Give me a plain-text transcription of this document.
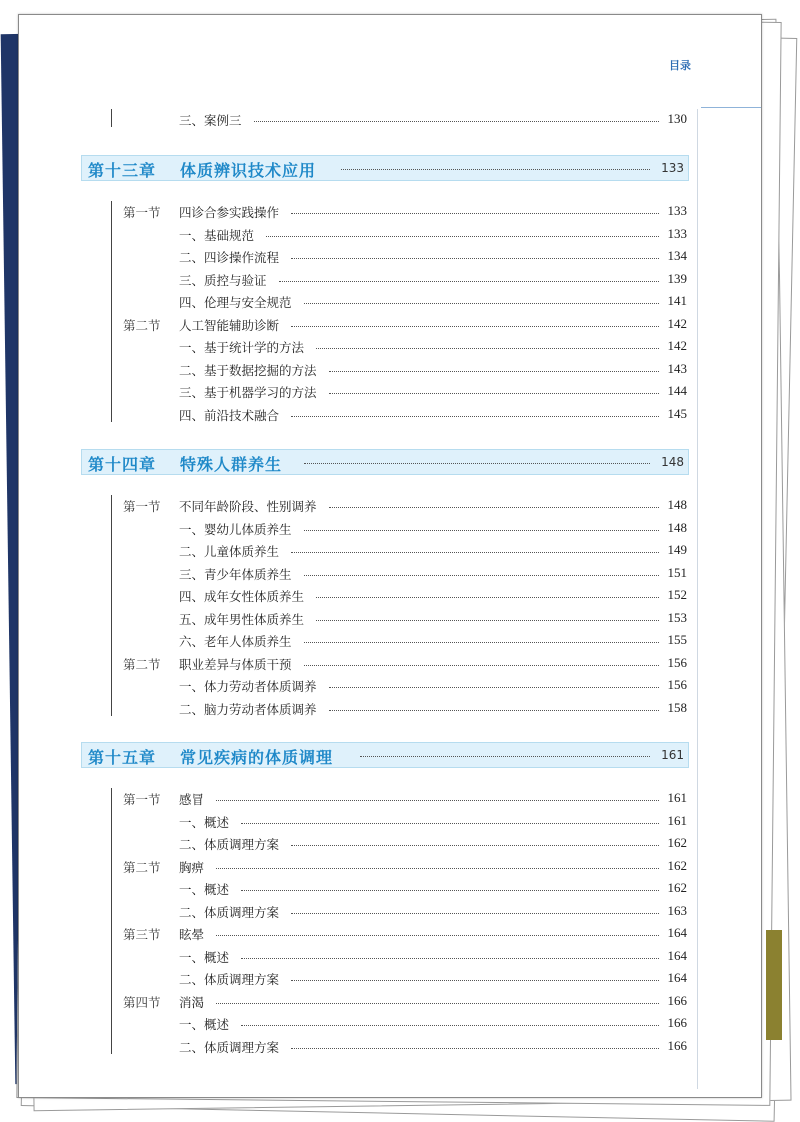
目录
三、案例三	130
第十三章 体质辨识技术应用	133
第一节 四诊合参实践操作	133
一、基础规范	133
二、四诊操作流程	134
三、质控与验证	139
四、伦理与安全规范	141
第二节 人工智能辅助诊断	142
一、基于统计学的方法	142
二、基于数据挖掘的方法	143
三、基于机器学习的方法	144
四、前沿技术融合	145
第十四章 特殊人群养生	148
第一节 不同年龄阶段、性别调养	148
一、婴幼儿体质养生	148
二、儿童体质养生	149
三、青少年体质养生	151
四、成年女性体质养生	152
五、成年男性体质养生	153
六、老年人体质养生	155
第二节 职业差异与体质干预	156
一、体力劳动者体质调养	156
二、脑力劳动者体质调养	158
第十五章 常见疾病的体质调理	161
第一节 感冒	161
一、概述	161
二、体质调理方案	162
第二节 胸痹	162
一、概述	162
二、体质调理方案	163
第三节 眩晕	164
一、概述	164
二、体质调理方案	164
第四节 消渴	166
一、概述	166
二、体质调理方案	166
